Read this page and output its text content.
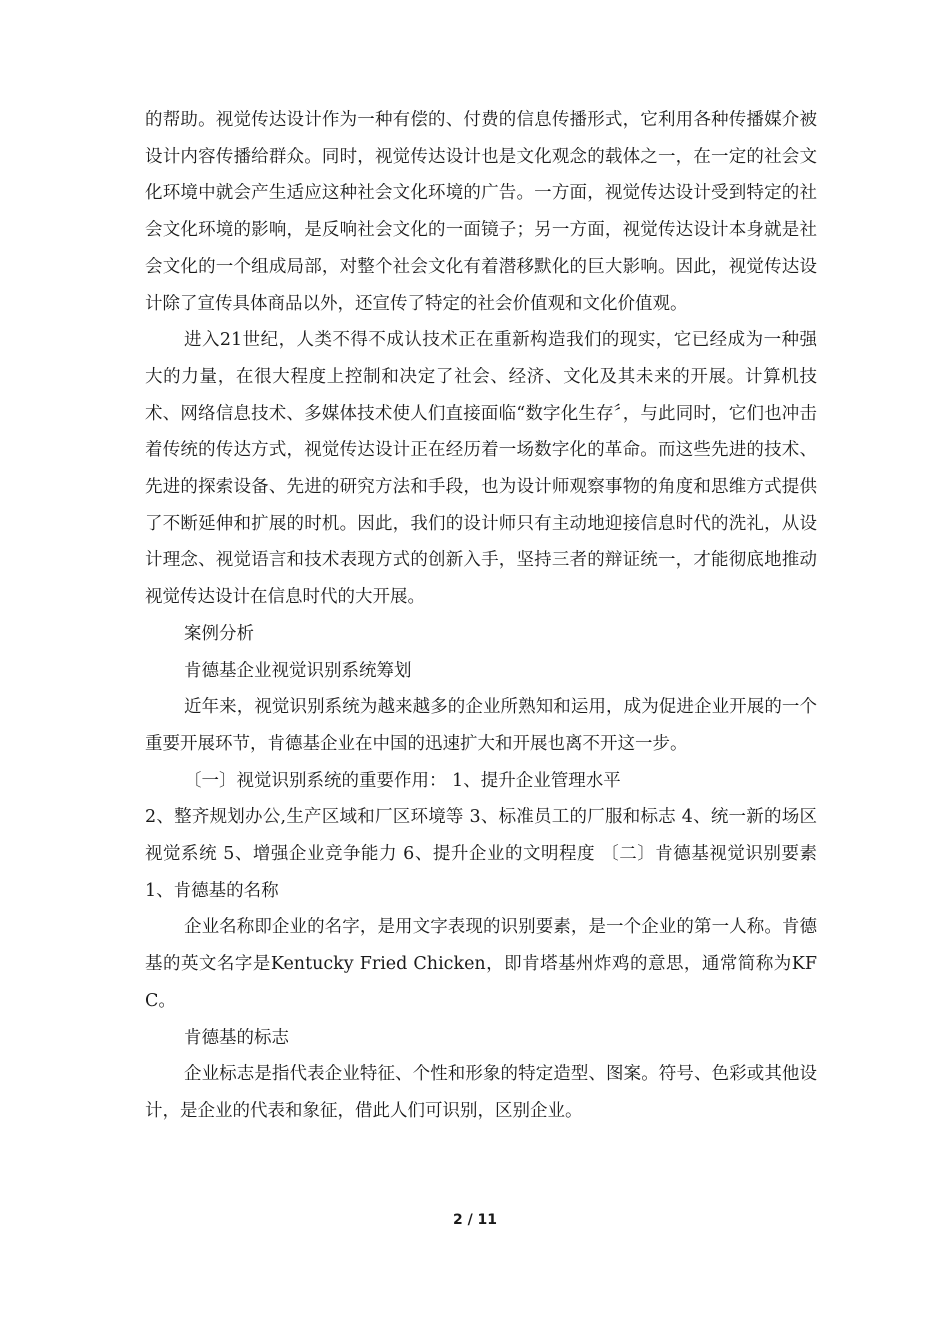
的帮助。视觉传达设计作为一种有偿的、付费的信息传播形式，它利用各种传播媒介被设计内容传播给群众。同时，视觉传达设计也是文化观念的载体之一，在一定的社会文化环境中就会产生适应这种社会文化环境的广告。一方面，视觉传达设计受到特定的社会文化环境的影响，是反响社会文化的一面镜子；另一方面，视觉传达设计本身就是社会文化的一个组成局部，对整个社会文化有着潜移默化的巨大影响。因此，视觉传达设计除了宣传具体商品以外，还宣传了特定的社会价值观和文化价值观。

进入21世纪，人类不得不成认技术正在重新构造我们的现实，它已经成为一种强大的力量，在很大程度上控制和决定了社会、经济、文化及其未来的开展。计算机技术、网络信息技术、多媒体技术使人们直接面临“数字化生存〞，与此同时，它们也冲击着传统的传达方式，视觉传达设计正在经历着一场数字化的革命。而这些先进的技术、先进的探索设备、先进的研究方法和手段，也为设计师观察事物的角度和思维方式提供了不断延伸和扩展的时机。因此，我们的设计师只有主动地迎接信息时代的洗礼，从设计理念、视觉语言和技术表现方式的创新入手，坚持三者的辩证统一，才能彻底地推动视觉传达设计在信息时代的大开展。

案例分析

肯德基企业视觉识别系统筹划

近年来，视觉识别系统为越来越多的企业所熟知和运用，成为促进企业开展的一个重要开展环节，肯德基企业在中国的迅速扩大和开展也离不开这一步。

〔一〕视觉识别系统的重要作用： 1、提升企业管理水平

2、整齐规划办公,生产区域和厂区环境等 3、标准员工的厂服和标志 4、统一新的场区视觉系统 5、增强企业竞争能力 6、提升企业的文明程度 〔二〕肯德基视觉识别要素 1、肯德基的名称

企业名称即企业的名字，是用文字表现的识别要素，是一个企业的第一人称。肯德基的英文名字是Kentucky Fried Chicken，即肯塔基州炸鸡的意思，通常简称为KFC。

肯德基的标志

企业标志是指代表企业特征、个性和形象的特定造型、图案。符号、色彩或其他设计，是企业的代表和象征，借此人们可识别，区别企业。

2 / 11
